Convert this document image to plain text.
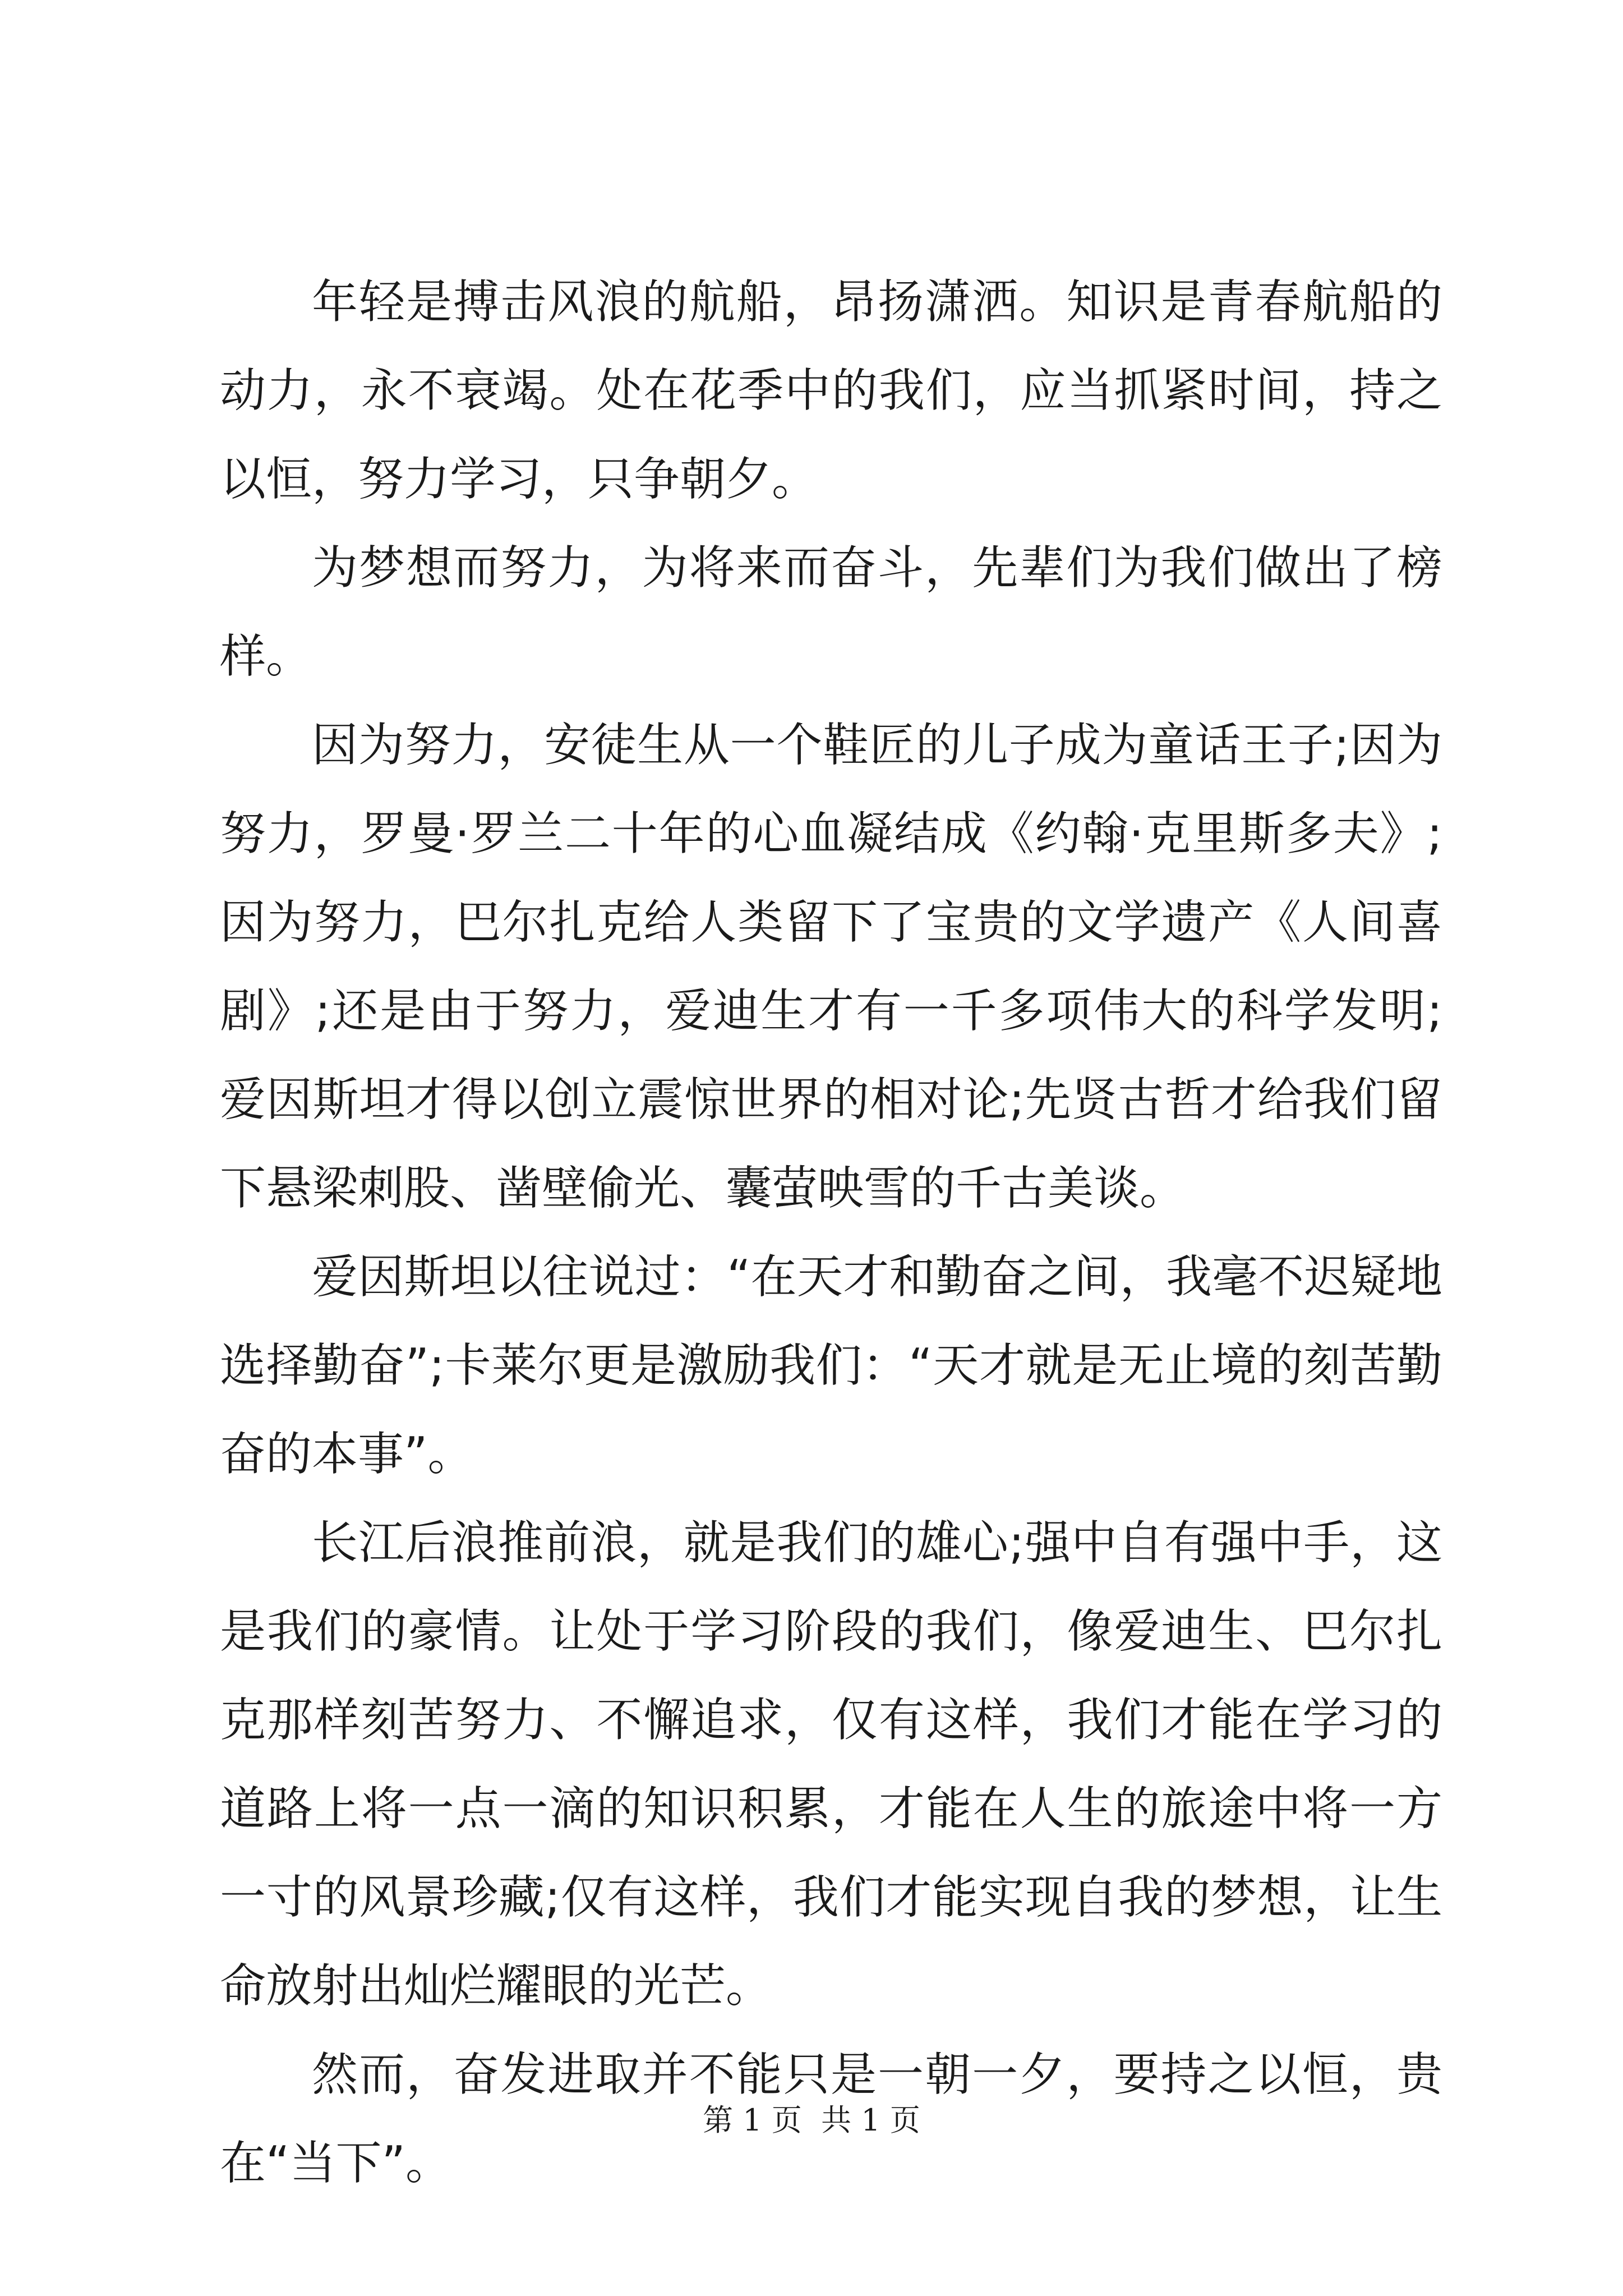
年轻是搏击风浪的航船，昂扬潇洒。知识是青春航船的动力，永不衰竭。处在花季中的我们，应当抓紧时间，持之以恒，努力学习，只争朝夕。

为梦想而努力，为将来而奋斗，先辈们为我们做出了榜样。

因为努力，安徒生从一个鞋匠的儿子成为童话王子;因为努力，罗曼·罗兰二十年的心血凝结成《约翰·克里斯多夫》;因为努力，巴尔扎克给人类留下了宝贵的文学遗产《人间喜剧》;还是由于努力，爱迪生才有一千多项伟大的科学发明;爱因斯坦才得以创立震惊世界的相对论;先贤古哲才给我们留下悬梁刺股、凿壁偷光、囊萤映雪的千古美谈。

爱因斯坦以往说过：“在天才和勤奋之间，我毫不迟疑地选择勤奋”;卡莱尔更是激励我们：“天才就是无止境的刻苦勤奋的本事”。

长江后浪推前浪，就是我们的雄心;强中自有强中手，这是我们的豪情。让处于学习阶段的我们，像爱迪生、巴尔扎克那样刻苦努力、不懈追求，仅有这样，我们才能在学习的道路上将一点一滴的知识积累，才能在人生的旅途中将一方一寸的风景珍藏;仅有这样，我们才能实现自我的梦想，让生命放射出灿烂耀眼的光芒。

然而，奋发进取并不能只是一朝一夕，要持之以恒，贵在“当下”。

第 1 页  共 1 页
